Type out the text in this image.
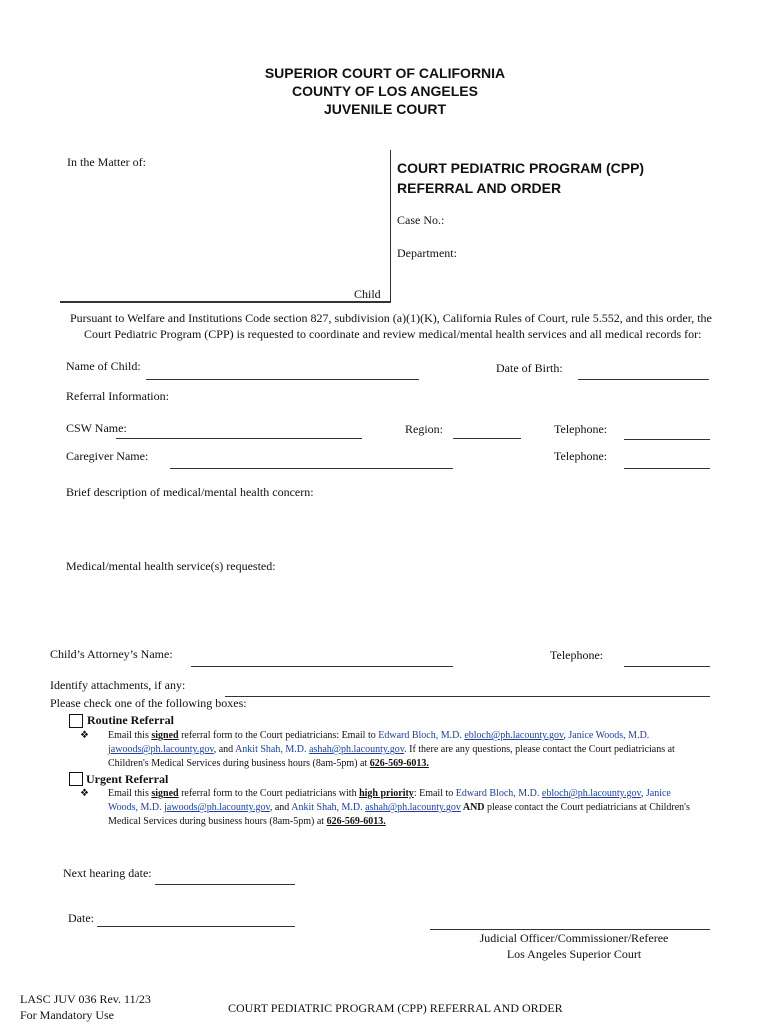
SUPERIOR COURT OF CALIFORNIA
COUNTY OF LOS ANGELES
JUVENILE COURT
In the Matter of:
Child
COURT PEDIATRIC PROGRAM (CPP)
REFERRAL AND ORDER
Case No.:
Department:
Pursuant to Welfare and Institutions Code section 827, subdivision (a)(1)(K), California Rules of Court, rule 5.552, and this order, the
Court Pediatric Program (CPP) is requested to coordinate and review medical/mental health services and all medical records for:
Name of Child:	Date of Birth:
Referral Information:
CSW Name:	Region:	Telephone:
Caregiver Name:	Telephone:
Brief description of medical/mental health concern:
Medical/mental health service(s) requested:
Child’s Attorney’s Name:	Telephone:
Identify attachments, if any:
Please check one of the following boxes:
Routine Referral
❖ Email this signed referral form to the Court pediatricians: Email to Edward Bloch, M.D. ebloch@ph.lacounty.gov, Janice Woods, M.D.
jawoods@ph.lacounty.gov, and Ankit Shah, M.D. ashah@ph.lacounty.gov. If there are any questions, please contact the Court pediatricians at
Children's Medical Services during business hours (8am-5pm) at 626-569-6013.
Urgent Referral
❖ Email this signed referral form to the Court pediatricians with high priority: Email to Edward Bloch, M.D. ebloch@ph.lacounty.gov, Janice
Woods, M.D. jawoods@ph.lacounty.gov, and Ankit Shah, M.D. ashah@ph.lacounty.gov AND please contact the Court pediatricians at Children's
Medical Services during business hours (8am-5pm) at 626-569-6013.
Next hearing date:
Date:
Judicial Officer/Commissioner/Referee
Los Angeles Superior Court
LASC JUV 036 Rev. 11/23
For Mandatory Use	COURT PEDIATRIC PROGRAM (CPP) REFERRAL AND ORDER
